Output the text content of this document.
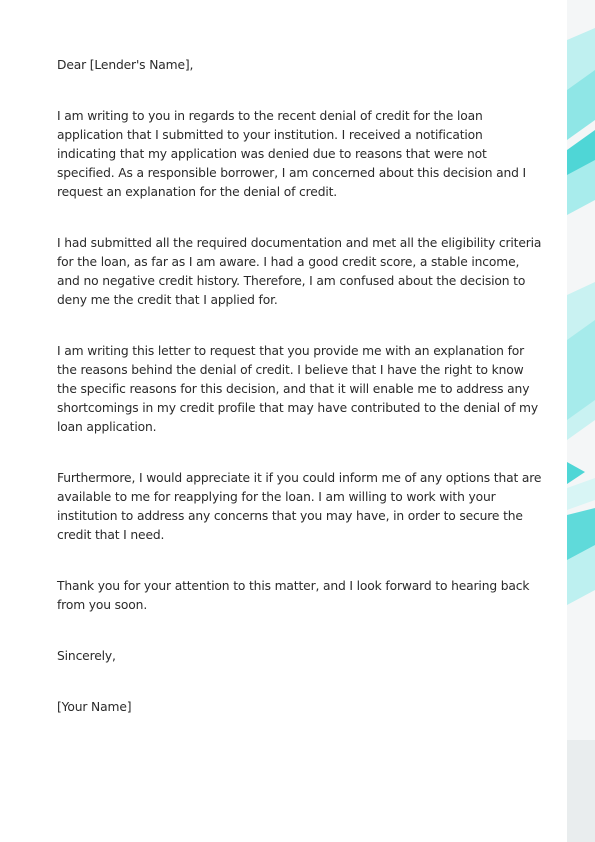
Dear [Lender's Name],

I am writing to you in regards to the recent denial of credit for the loan application that I submitted to your institution. I received a notification indicating that my application was denied due to reasons that were not specified. As a responsible borrower, I am concerned about this decision and I request an explanation for the denial of credit.

I had submitted all the required documentation and met all the eligibility criteria for the loan, as far as I am aware. I had a good credit score, a stable income, and no negative credit history. Therefore, I am confused about the decision to deny me the credit that I applied for.

I am writing this letter to request that you provide me with an explanation for the reasons behind the denial of credit. I believe that I have the right to know the specific reasons for this decision, and that it will enable me to address any shortcomings in my credit profile that may have contributed to the denial of my loan application.

Furthermore, I would appreciate it if you could inform me of any options that are available to me for reapplying for the loan. I am willing to work with your institution to address any concerns that you may have, in order to secure the credit that I need.

Thank you for your attention to this matter, and I look forward to hearing back from you soon.

Sincerely,

[Your Name]
